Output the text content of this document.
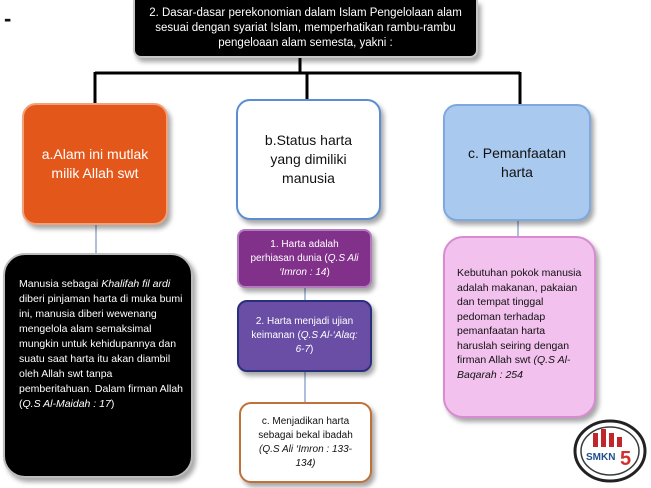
-	2. Dasar-dasar perekonomian dalam Islam Pengelolaan alam sesuai dengan syariat Islam, memperhatikan rambu-rambu pengeloaan alam semesta, yakni :
a.Alam ini mutlak milik Allah swt
b.Status harta yang dimiliki manusia
c. Pemanfaatan harta
Manusia sebagai Khalifah fil ardi diberi pinjaman harta di muka bumi ini, manusia diberi wewenang mengelola alam semaksimal mungkin untuk kehidupannya dan suatu saat harta itu akan diambil oleh Allah swt tanpa pemberitahuan. Dalam firman Allah (Q.S Al-Maidah : 17)
1. Harta adalah perhiasan dunia (Q.S Ali ‘Imron : 14)
2. Harta menjadi ujian keimanan (Q.S Al-‘Alaq: 6-7)
c. Menjadikan harta sebagai bekal ibadah
(Q.S Ali ‘Imron : 133-134)
Kebutuhan pokok manusia adalah makanan, pakaian dan tempat tinggal pedoman terhadap pemanfaatan harta haruslah seiring dengan firman Allah swt (Q.S Al-Baqarah : 254
SMKN 5
